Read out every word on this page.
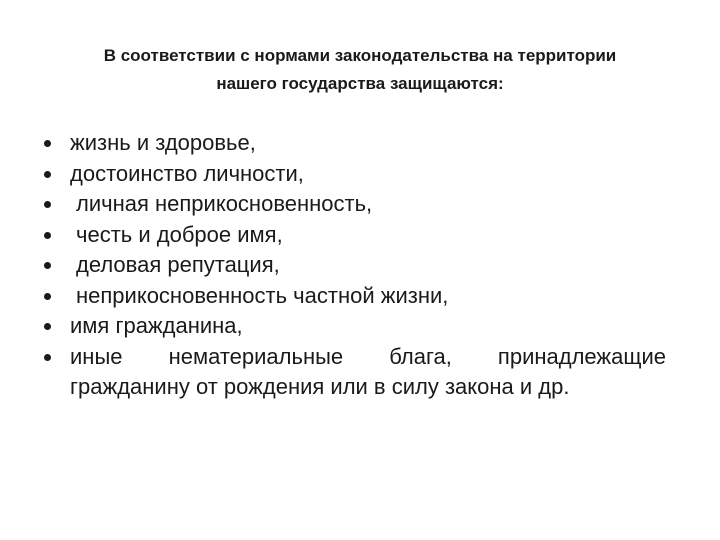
В соответствии с нормами законодательства на территории
нашего государства защищаются:
жизнь и здоровье,
достоинство личности,
личная неприкосновенность,
честь и доброе имя,
деловая репутация,
неприкосновенность частной жизни,
имя гражданина,
иные нематериальные блага, принадлежащие гражданину от рождения или в силу закона и др.
